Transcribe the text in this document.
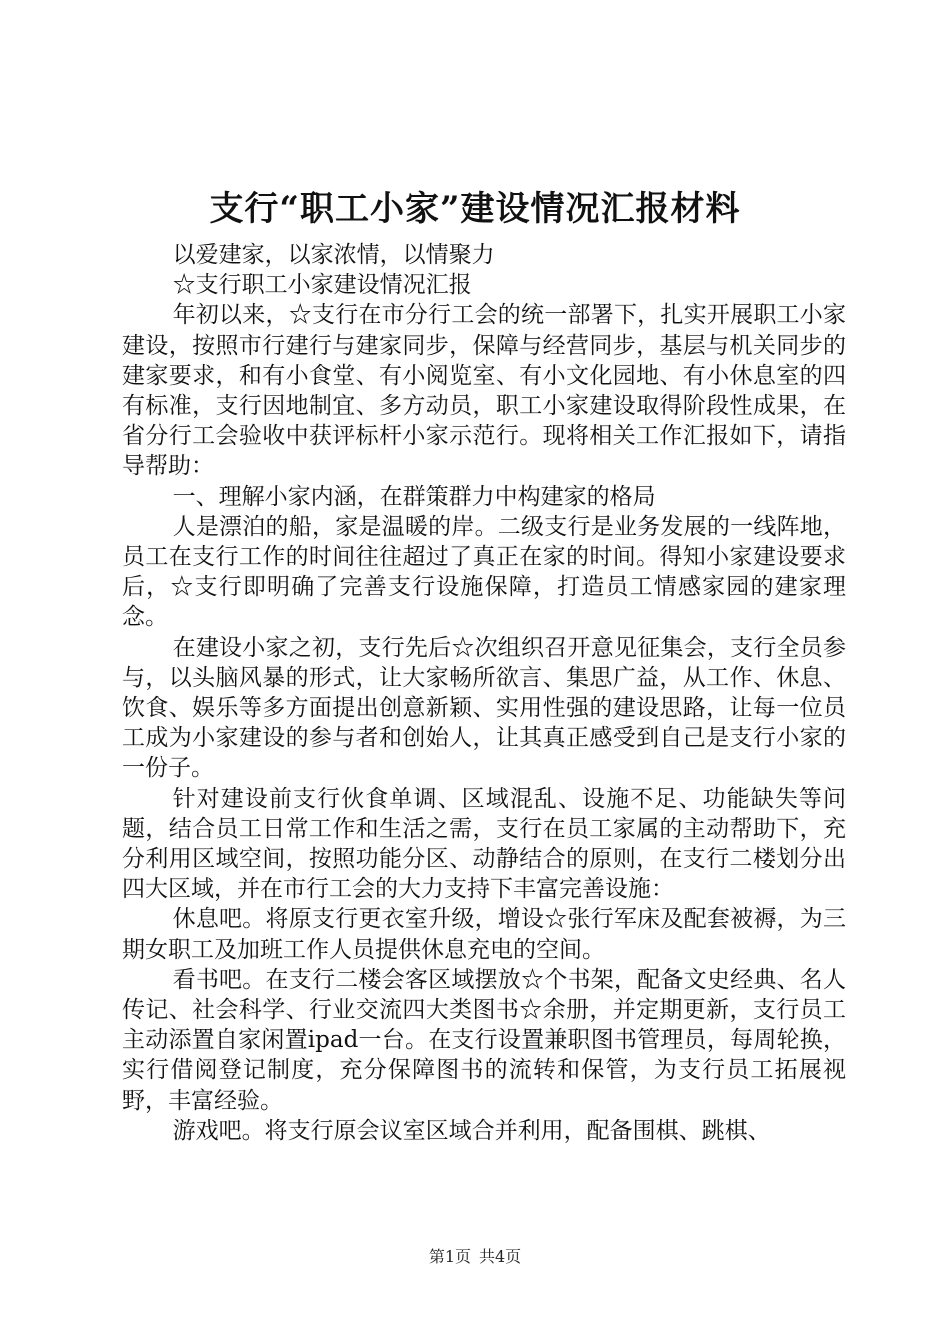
支行“职工小家”建设情况汇报材料

以爱建家，以家浓情，以情聚力

☆支行职工小家建设情况汇报

年初以来，☆支行在市分行工会的统一部署下，扎实开展职工小家建设，按照市行建行与建家同步，保障与经营同步，基层与机关同步的建家要求，和有小食堂、有小阅览室、有小文化园地、有小休息室的四有标准，支行因地制宜、多方动员，职工小家建设取得阶段性成果，在省分行工会验收中获评标杆小家示范行。现将相关工作汇报如下，请指导帮助：

一、理解小家内涵，在群策群力中构建家的格局

人是漂泊的船，家是温暖的岸。二级支行是业务发展的一线阵地，员工在支行工作的时间往往超过了真正在家的时间。得知小家建设要求后，☆支行即明确了完善支行设施保障，打造员工情感家园的建家理念。

在建设小家之初，支行先后☆次组织召开意见征集会，支行全员参与，以头脑风暴的形式，让大家畅所欲言、集思广益，从工作、休息、饮食、娱乐等多方面提出创意新颖、实用性强的建设思路，让每一位员工成为小家建设的参与者和创始人，让其真正感受到自己是支行小家的一份子。

针对建设前支行伙食单调、区域混乱、设施不足、功能缺失等问题，结合员工日常工作和生活之需，支行在员工家属的主动帮助下，充分利用区域空间，按照功能分区、动静结合的原则，在支行二楼划分出四大区域，并在市行工会的大力支持下丰富完善设施：

休息吧。将原支行更衣室升级，增设☆张行军床及配套被褥，为三期女职工及加班工作人员提供休息充电的空间。

看书吧。在支行二楼会客区域摆放☆个书架，配备文史经典、名人传记、社会科学、行业交流四大类图书☆余册，并定期更新，支行员工主动添置自家闲置ipad一台。在支行设置兼职图书管理员，每周轮换，实行借阅登记制度，充分保障图书的流转和保管，为支行员工拓展视野，丰富经验。

游戏吧。将支行原会议室区域合并利用，配备围棋、跳棋、

第1页 共4页
